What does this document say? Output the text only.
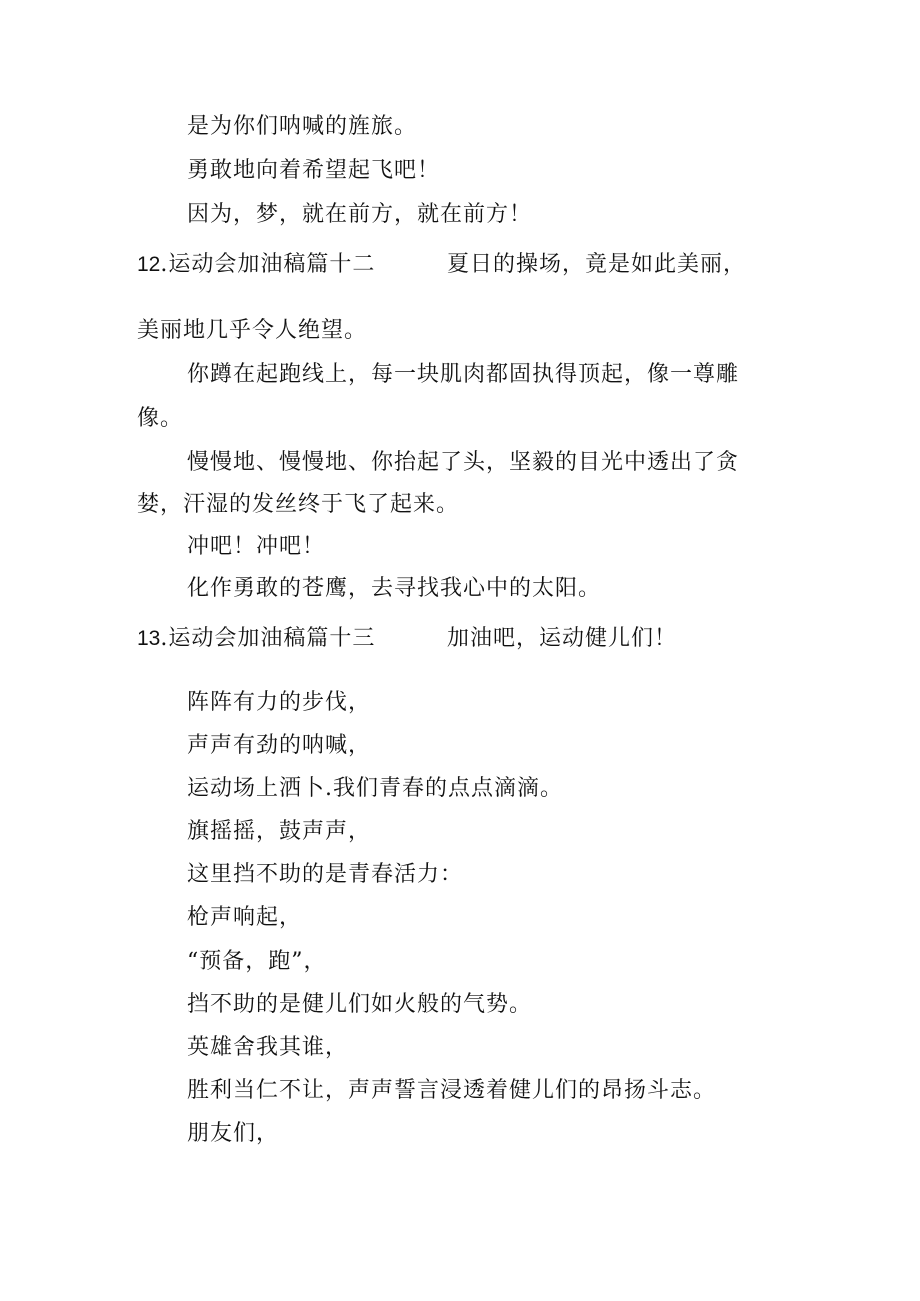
是为你们呐喊的旌旅。
勇敢地向着希望起飞吧！
因为，梦，就在前方，就在前方！
12.运动会加油稿篇十二	夏日的操场，竟是如此美丽，
美丽地几乎令人绝望。
你蹲在起跑线上，每一块肌肉都固执得顶起，像一尊雕
像。
慢慢地、慢慢地、你抬起了头，坚毅的目光中透出了贪
婪，汗湿的发丝终于飞了起来。
冲吧！冲吧！
化作勇敢的苍鹰，去寻找我心中的太阳。
13.运动会加油稿篇十三	加油吧，运动健儿们！
阵阵有力的步伐，
声声有劲的呐喊，
运动场上洒卜.我们青春的点点滴滴。
旗摇摇，鼓声声，
这里挡不助的是青春活力：
枪声响起，
“预备，跑”，
挡不助的是健儿们如火般的气势。
英雄舍我其谁，
胜利当仁不让，声声誓言浸透着健儿们的昂扬斗志。
朋友们，
